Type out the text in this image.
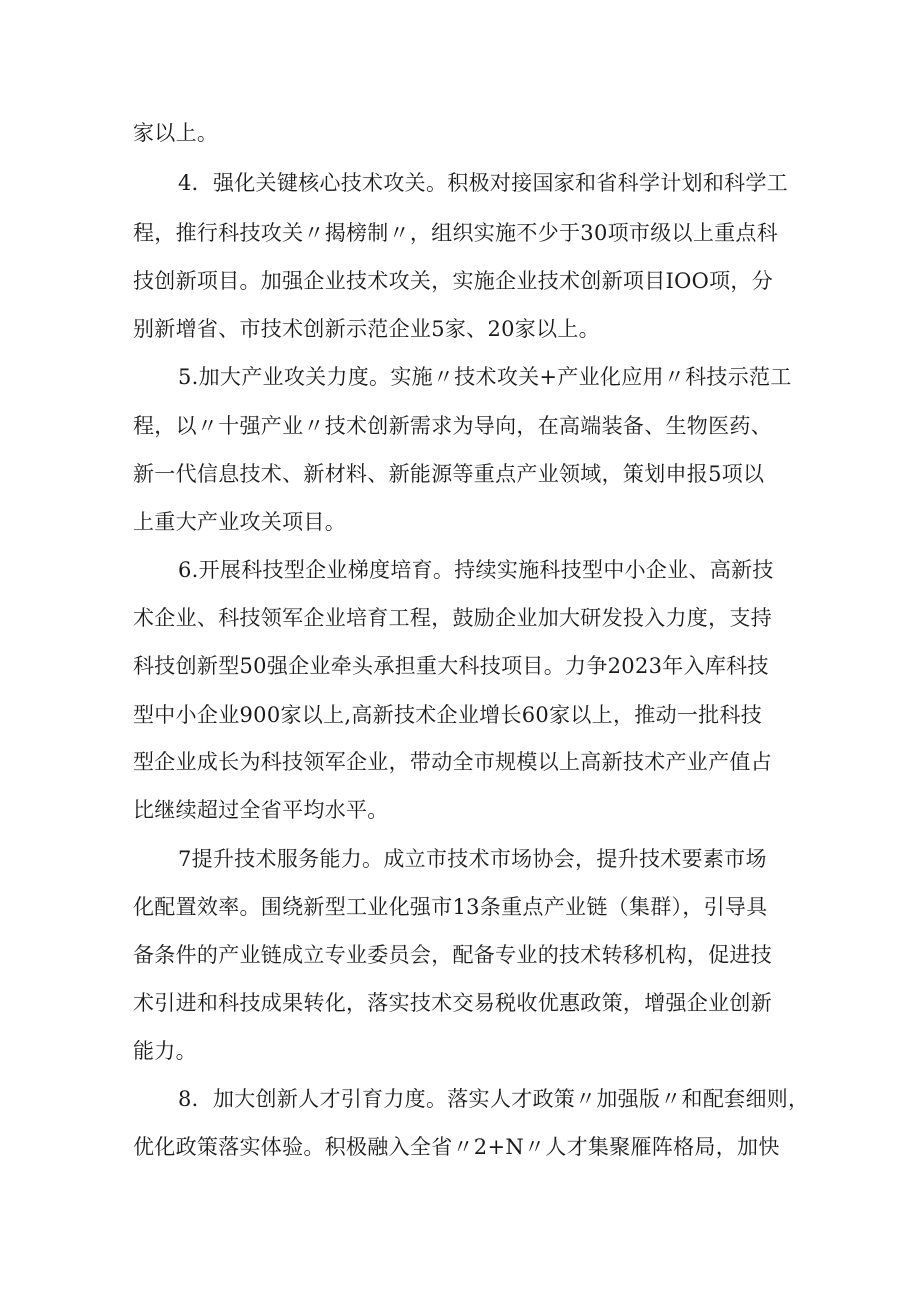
家以上。

4．强化关键核心技术攻关。积极对接国家和省科学计划和科学工

程，推行科技攻关〃揭榜制〃，组织实施不少于30项市级以上重点科

技创新项目。加强企业技术攻关，实施企业技术创新项目IOO项，分

别新增省、市技术创新示范企业5家、20家以上。

5.加大产业攻关力度。实施〃技术攻关+产业化应用〃科技示范工

程，以〃十强产业〃技术创新需求为导向，在高端装备、生物医药、

新一代信息技术、新材料、新能源等重点产业领域，策划申报5项以

上重大产业攻关项目。

6.开展科技型企业梯度培育。持续实施科技型中小企业、高新技

术企业、科技领军企业培育工程，鼓励企业加大研发投入力度，支持

科技创新型50强企业牵头承担重大科技项目。力争2023年入库科技

型中小企业900家以上,高新技术企业增长60家以上，推动一批科技

型企业成长为科技领军企业，带动全市规模以上高新技术产业产值占

比继续超过全省平均水平。

7提升技术服务能力。成立市技术市场协会，提升技术要素市场

化配置效率。围绕新型工业化强市13条重点产业链（集群），引导具

备条件的产业链成立专业委员会，配备专业的技术转移机构，促进技

术引进和科技成果转化，落实技术交易税收优惠政策，增强企业创新

能力。

8．加大创新人才引育力度。落实人才政策〃加强版〃和配套细则，

优化政策落实体验。积极融入全省〃2+N〃人才集聚雁阵格局，加快
